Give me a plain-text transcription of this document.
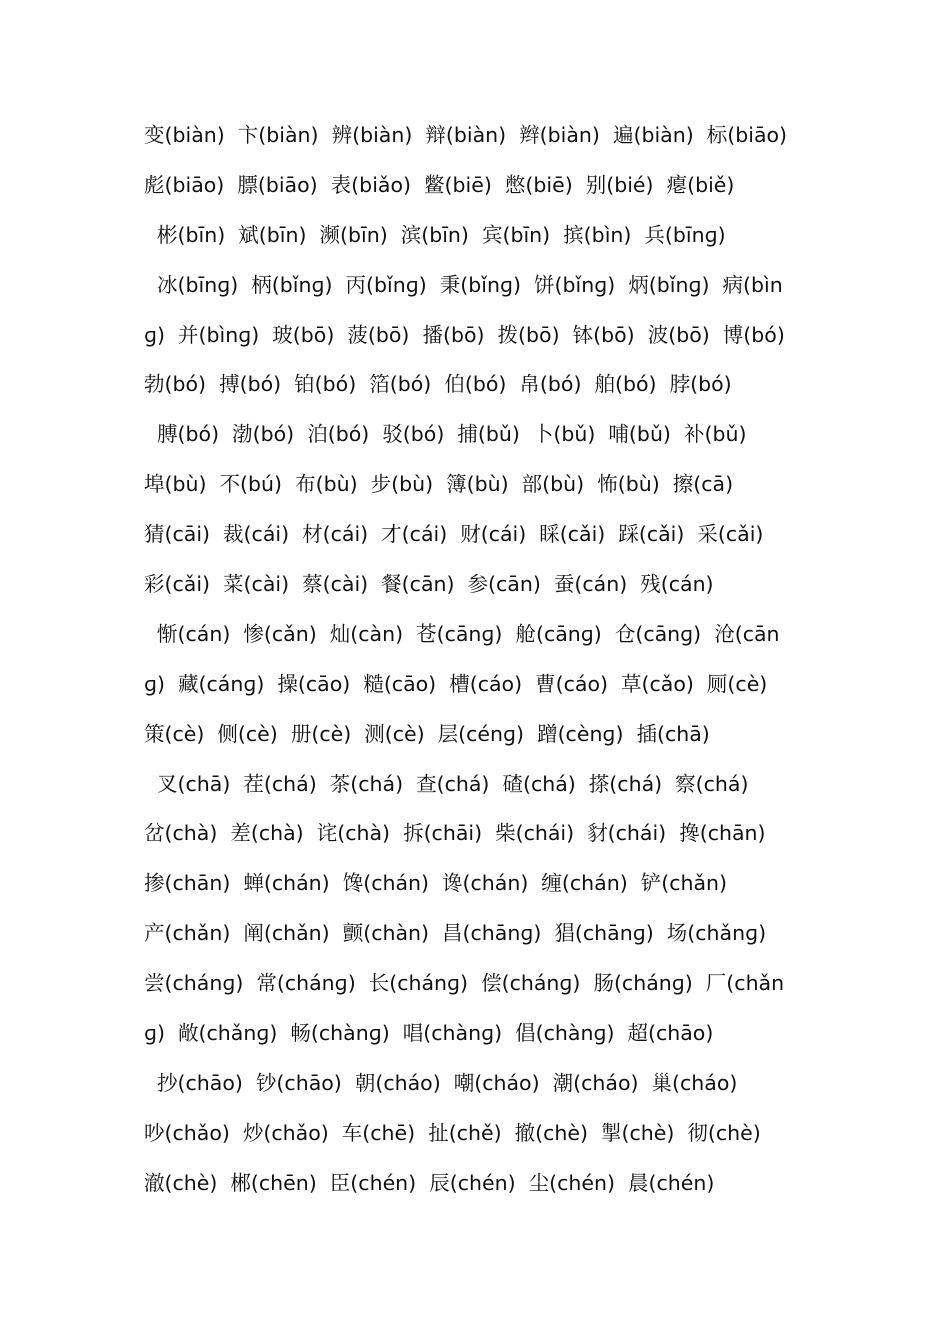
变(biàn)  卞(biàn)  辨(biàn)  辩(biàn)  辫(biàn)  遍(biàn)  标(biāo)
彪(biāo)  膘(biāo)  表(biǎo)  鳖(biē)  憋(biē)  别(bié)  瘪(biě)
彬(bīn)  斌(bīn)  濒(bīn)  滨(bīn)  宾(bīn)  摈(bìn)  兵(bīnɡ)
冰(bīnɡ)  柄(bǐnɡ)  丙(bǐnɡ)  秉(bǐnɡ)  饼(bǐnɡ)  炳(bǐnɡ)  病(bìn
ɡ)  并(bìnɡ)  玻(bō)  菠(bō)  播(bō)  拨(bō)  钵(bō)  波(bō)  博(bó)
勃(bó)  搏(bó)  铂(bó)  箔(bó)  伯(bó)  帛(bó)  舶(bó)  脖(bó)
膊(bó)  渤(bó)  泊(bó)  驳(bó)  捕(bǔ)  卜(bǔ)  哺(bǔ)  补(bǔ)
埠(bù)  不(bú)  布(bù)  步(bù)  簿(bù)  部(bù)  怖(bù)  擦(cā)
猜(cāi)  裁(cái)  材(cái)  才(cái)  财(cái)  睬(cǎi)  踩(cǎi)  采(cǎi)
彩(cǎi)  菜(cài)  蔡(cài)  餐(cān)  参(cān)  蚕(cán)  残(cán)
惭(cán)  惨(cǎn)  灿(càn)  苍(cānɡ)  舱(cānɡ)  仓(cānɡ)  沧(cān
ɡ)  藏(cánɡ)  操(cāo)  糙(cāo)  槽(cáo)  曹(cáo)  草(cǎo)  厕(cè)
策(cè)  侧(cè)  册(cè)  测(cè)  层(cénɡ)  蹭(cènɡ)  插(chā)
叉(chā)  茬(chá)  茶(chá)  查(chá)  碴(chá)  搽(chá)  察(chá)
岔(chà)  差(chà)  诧(chà)  拆(chāi)  柴(chái)  豺(chái)  搀(chān)
掺(chān)  蝉(chán)  馋(chán)  谗(chán)  缠(chán)  铲(chǎn)
产(chǎn)  阐(chǎn)  颤(chàn)  昌(chānɡ)  猖(chānɡ)  场(chǎnɡ)
尝(chánɡ)  常(chánɡ)  长(chánɡ)  偿(chánɡ)  肠(chánɡ)  厂(chǎn
ɡ)  敞(chǎnɡ)  畅(chànɡ)  唱(chànɡ)  倡(chànɡ)  超(chāo)
抄(chāo)  钞(chāo)  朝(cháo)  嘲(cháo)  潮(cháo)  巢(cháo)
吵(chǎo)  炒(chǎo)  车(chē)  扯(chě)  撤(chè)  掣(chè)  彻(chè)
澈(chè)  郴(chēn)  臣(chén)  辰(chén)  尘(chén)  晨(chén)
